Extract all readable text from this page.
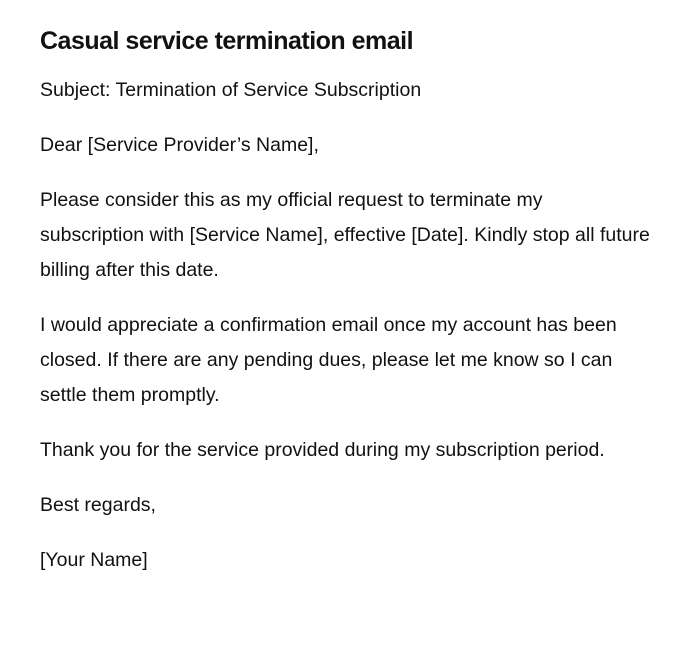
Casual service termination email

Subject: Termination of Service Subscription

Dear [Service Provider’s Name],

Please consider this as my official request to terminate my subscription with [Service Name], effective [Date]. Kindly stop all future billing after this date.

I would appreciate a confirmation email once my account has been closed. If there are any pending dues, please let me know so I can settle them promptly.

Thank you for the service provided during my subscription period.

Best regards,

[Your Name]
